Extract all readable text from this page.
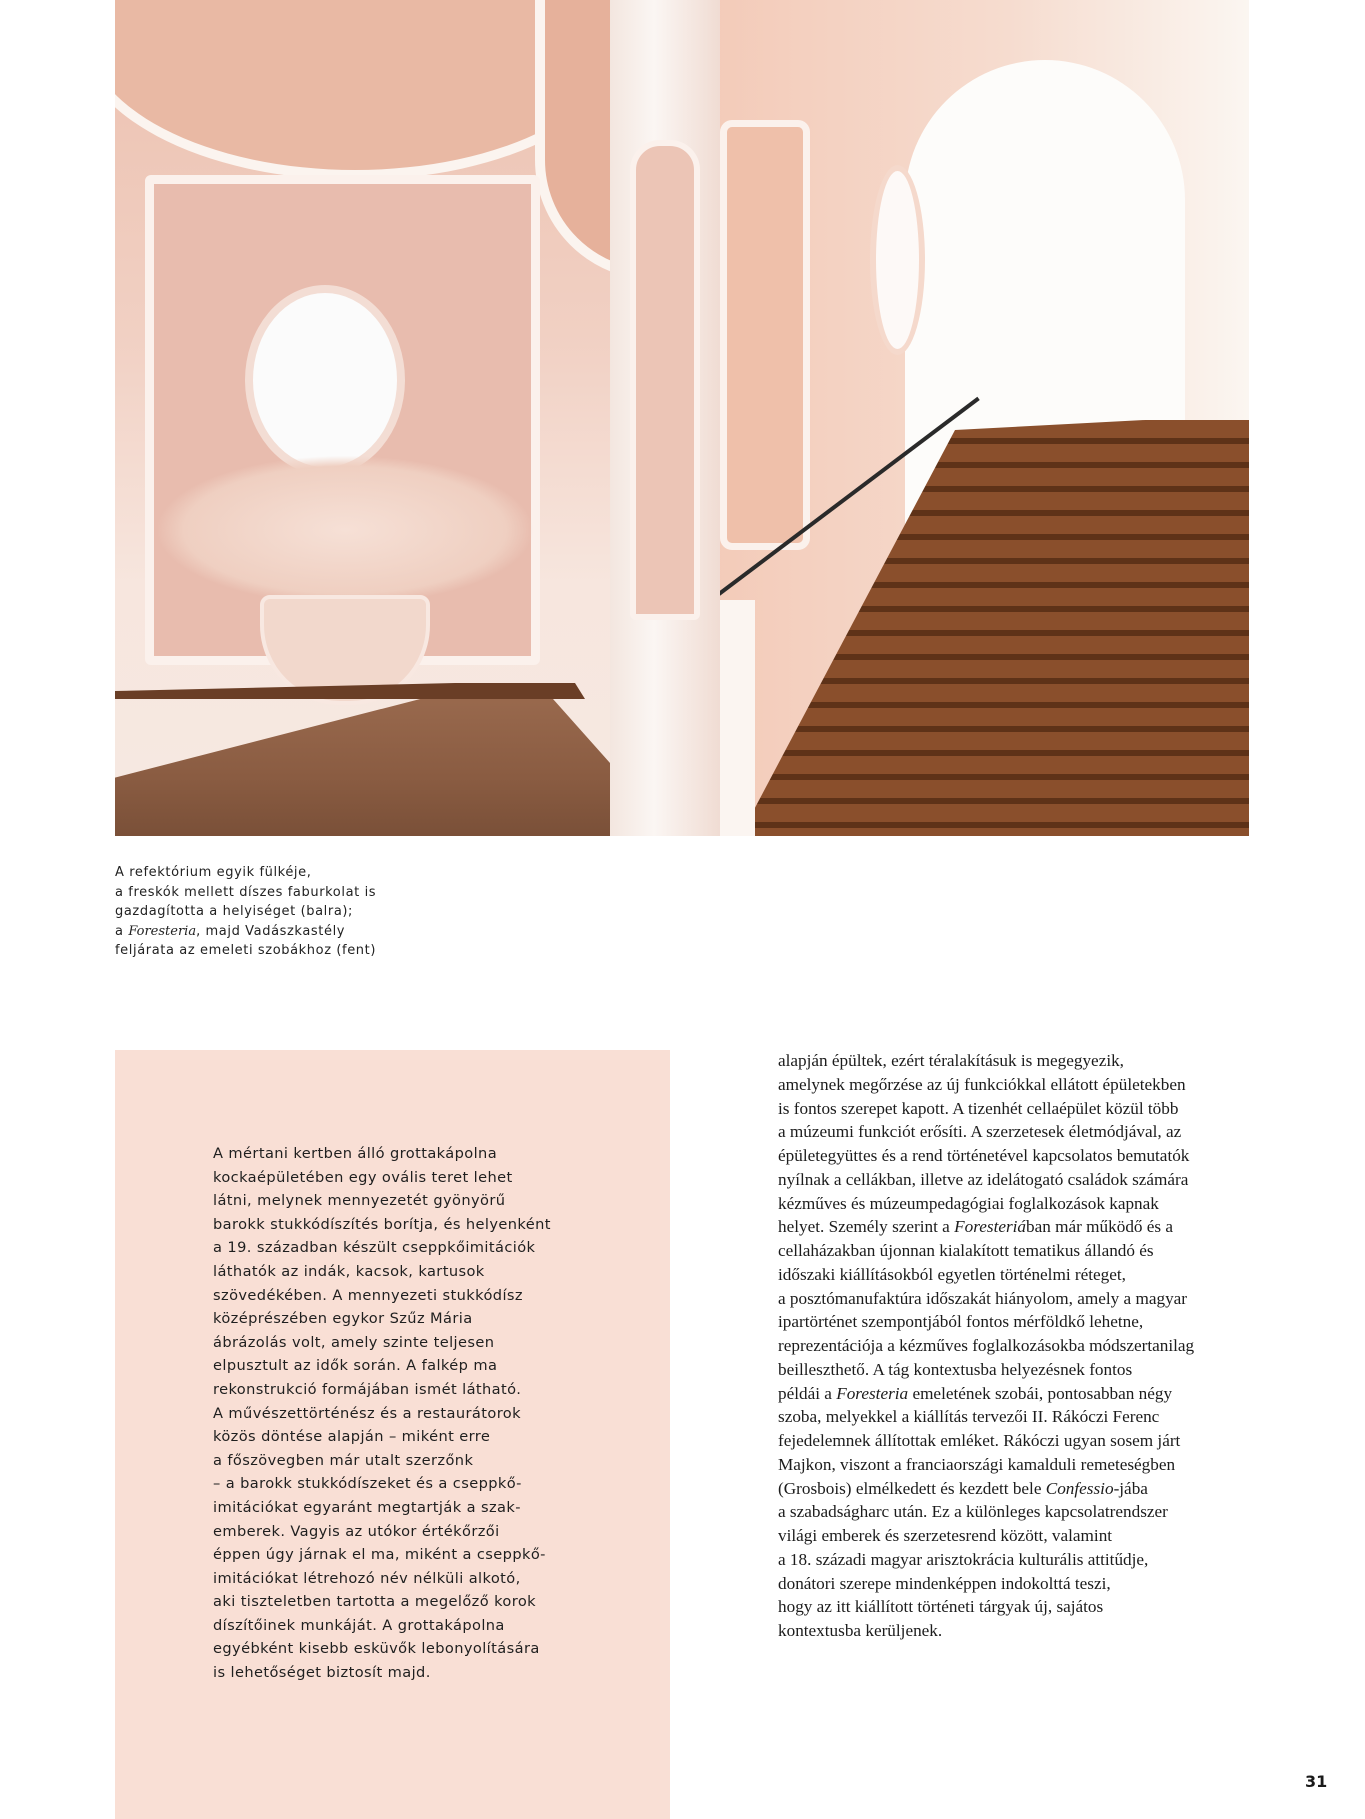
A refektórium egyik fülkéje,
a freskók mellett díszes faburkolat is
gazdagította a helyiséget (balra);
a Foresteria, majd Vadászkastély
feljárata az emeleti szobákhoz (fent)
A mértani kertben álló grottakápolna
kockaépületében egy ovális teret lehet
látni, melynek mennyezetét gyönyörű
barokk stukkódíszítés borítja, és helyenként
a 19. században készült cseppkőimitációk
láthatók az indák, kacsok, kartusok
szövedékében. A mennyezeti stukkódísz
középrészében egykor Szűz Mária
ábrázolás volt, amely szinte teljesen
elpusztult az idők során. A falkép ma
rekonstrukció formájában ismét látható.
A művészettörténész és a restaurátorok
közös döntése alapján – miként erre
a főszövegben már utalt szerzőnk
– a barokk stukkódíszeket és a cseppkő-
imitációkat egyaránt megtartják a szak-
emberek. Vagyis az utókor értékőrzői
éppen úgy járnak el ma, miként a cseppkő-
imitációkat létrehozó név nélküli alkotó,
aki tiszteletben tartotta a megelőző korok
díszítőinek munkáját. A grottakápolna
egyébként kisebb esküvők lebonyolítására
is lehetőséget biztosít majd.
alapján épültek, ezért téralakításuk is megegyezik,
amelynek megőrzése az új funkciókkal ellátott épületekben
is fontos szerepet kapott. A tizenhét cellaépület közül több
a múzeumi funkciót erősíti. A szerzetesek életmódjával, az
épületegyüttes és a rend történetével kapcsolatos bemutatók
nyílnak a cellákban, illetve az idelátogató családok számára
kézműves és múzeumpedagógiai foglalkozások kapnak
helyet. Személy szerint a Foresteriában már működő és a
cellaházakban újonnan kialakított tematikus állandó és
időszaki kiállításokból egyetlen történelmi réteget,
a posztómanufaktúra időszakát hiányolom, amely a magyar
ipartörténet szempontjából fontos mérföldkő lehetne,
reprezentációja a kézműves foglalkozásokba módszertanilag
beilleszthető. A tág kontextusba helyezésnek fontos
példái a Foresteria emeletének szobái, pontosabban négy
szoba, melyekkel a kiállítás tervezői II. Rákóczi Ferenc
fejedelemnek állítottak emléket. Rákóczi ugyan sosem járt
Majkon, viszont a franciaországi kamalduli remeteségben
(Grosbois) elmélkedett és kezdett bele Confessio-jába
a szabadságharc után. Ez a különleges kapcsolatrendszer
világi emberek és szerzetesrend között, valamint
a 18. századi magyar arisztokrácia kulturális attitűdje,
donátori szerepe mindenképpen indokolttá teszi,
hogy az itt kiállított történeti tárgyak új, sajátos
kontextusba kerüljenek.
31
